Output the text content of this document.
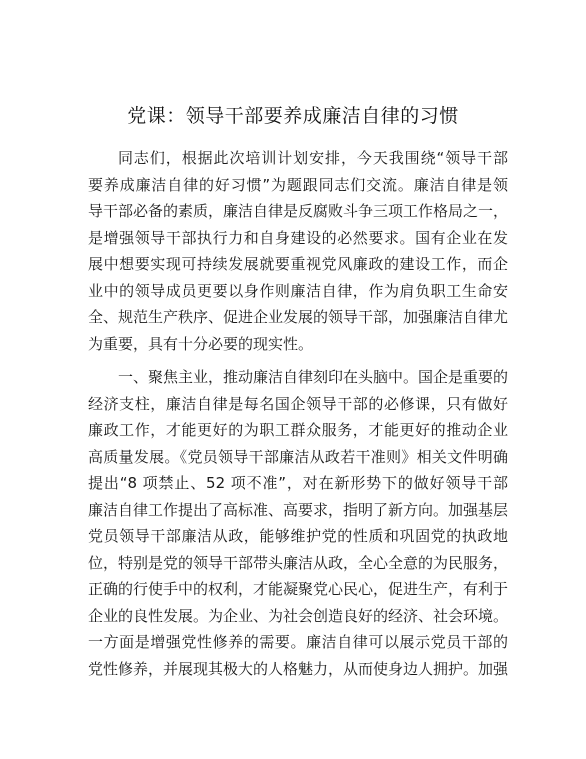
党课：领导干部要养成廉洁自律的习惯
同志们，根据此次培训计划安排，今天我围绕“领导干部
要养成廉洁自律的好习惯”为题跟同志们交流。廉洁自律是领
导干部必备的素质，廉洁自律是反腐败斗争三项工作格局之一，
是增强领导干部执行力和自身建设的必然要求。国有企业在发
展中想要实现可持续发展就要重视党风廉政的建设工作，而企
业中的领导成员更要以身作则廉洁自律，作为肩负职工生命安
全、规范生产秩序、促进企业发展的领导干部，加强廉洁自律尤
为重要，具有十分必要的现实性。
一、聚焦主业，推动廉洁自律刻印在头脑中。国企是重要的
经济支柱，廉洁自律是每名国企领导干部的必修课，只有做好
廉政工作，才能更好的为职工群众服务，才能更好的推动企业
高质量发展。《党员领导干部廉洁从政若干准则》相关文件明确
提出“8 项禁止、52 项不准”，对在新形势下的做好领导干部
廉洁自律工作提出了高标准、高要求，指明了新方向。加强基层
党员领导干部廉洁从政，能够维护党的性质和巩固党的执政地
位，特别是党的领导干部带头廉洁从政，全心全意的为民服务，
正确的行使手中的权利，才能凝聚党心民心，促进生产，有利于
企业的良性发展。为企业、为社会创造良好的经济、社会环境。
一方面是增强党性修养的需要。廉洁自律可以展示党员干部的
党性修养，并展现其极大的人格魅力，从而使身边人拥护。加强
